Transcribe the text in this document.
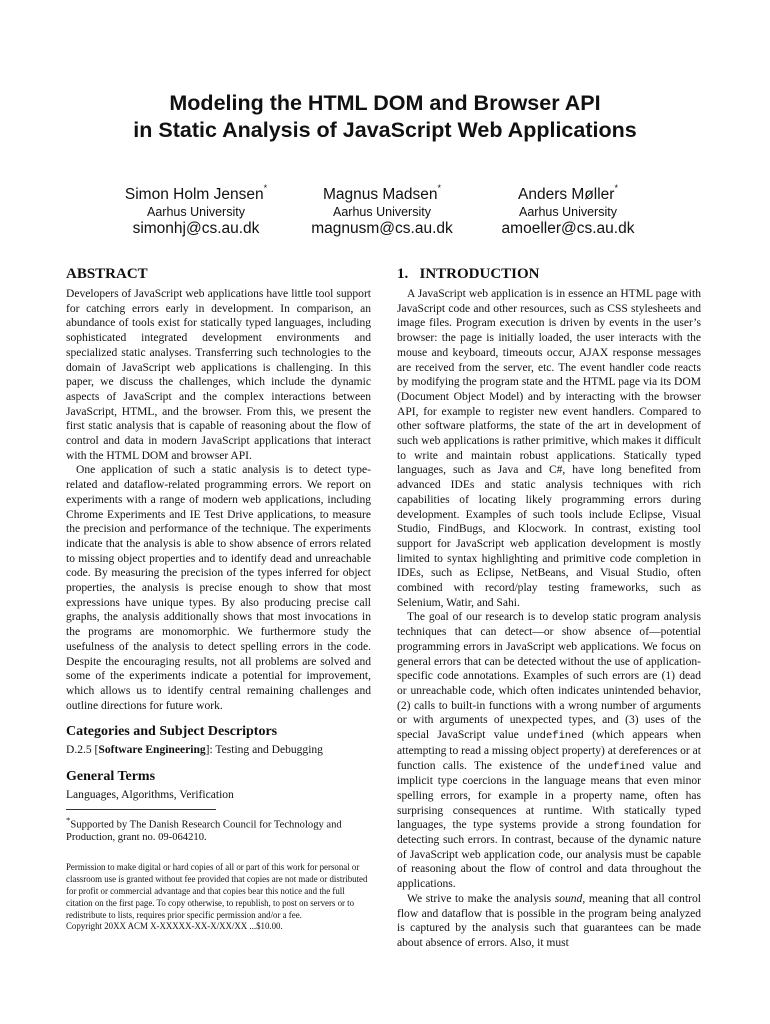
Modeling the HTML DOM and Browser API
in Static Analysis of JavaScript Web Applications
Simon Holm Jensen*
Aarhus University
simonhj@cs.au.dk
Magnus Madsen*
Aarhus University
magnusm@cs.au.dk
Anders Møller*
Aarhus University
amoeller@cs.au.dk
ABSTRACT

Developers of JavaScript web applications have little tool support for catching errors early in development. In comparison, an abundance of tools exist for statically typed languages, including sophisticated integrated development environments and specialized static analyses. Transferring such technologies to the domain of JavaScript web applications is challenging. In this paper, we discuss the challenges, which include the dynamic aspects of JavaScript and the complex interactions between JavaScript, HTML, and the browser. From this, we present the first static analysis that is capable of reasoning about the flow of control and data in modern JavaScript applications that interact with the HTML DOM and browser API.

One application of such a static analysis is to detect type-related and dataflow-related programming errors. We report on experiments with a range of modern web applications, including Chrome Experiments and IE Test Drive applications, to measure the precision and performance of the technique. The experiments indicate that the analysis is able to show absence of errors related to missing object properties and to identify dead and unreachable code. By measuring the precision of the types inferred for object properties, the analysis is precise enough to show that most expressions have unique types. By also producing precise call graphs, the analysis additionally shows that most invocations in the programs are monomorphic. We furthermore study the usefulness of the analysis to detect spelling errors in the code. Despite the encouraging results, not all problems are solved and some of the experiments indicate a potential for improvement, which allows us to identify central remaining challenges and outline directions for future work.

Categories and Subject Descriptors

D.2.5 [Software Engineering]: Testing and Debugging

General Terms

Languages, Algorithms, Verification

*Supported by The Danish Research Council for Technology and Production, grant no. 09-064210.

Permission to make digital or hard copies of all or part of this work for personal or classroom use is granted without fee provided that copies are not made or distributed for profit or commercial advantage and that copies bear this notice and the full citation on the first page. To copy otherwise, to republish, to post on servers or to redistribute to lists, requires prior specific permission and/or a fee.

Copyright 20XX ACM X-XXXXX-XX-X/XX/XX ...$10.00.

1.   INTRODUCTION

A JavaScript web application is in essence an HTML page with JavaScript code and other resources, such as CSS stylesheets and image files. Program execution is driven by events in the user’s browser: the page is initially loaded, the user interacts with the mouse and keyboard, timeouts occur, AJAX response messages are received from the server, etc. The event handler code reacts by modifying the program state and the HTML page via its DOM (Document Object Model) and by interacting with the browser API, for example to register new event handlers. Compared to other software platforms, the state of the art in development of such web applications is rather primitive, which makes it difficult to write and maintain robust applications. Statically typed languages, such as Java and C#, have long benefited from advanced IDEs and static analysis techniques with rich capabilities of locating likely programming errors during development. Examples of such tools include Eclipse, Visual Studio, FindBugs, and Klocwork. In contrast, existing tool support for JavaScript web application development is mostly limited to syntax highlighting and primitive code completion in IDEs, such as Eclipse, NetBeans, and Visual Studio, often combined with record/play testing frameworks, such as Selenium, Watir, and Sahi.

The goal of our research is to develop static program analysis techniques that can detect—or show absence of—potential programming errors in JavaScript web applications. We focus on general errors that can be detected without the use of application-specific code annotations. Examples of such errors are (1) dead or unreachable code, which often indicates unintended behavior, (2) calls to built-in functions with a wrong number of arguments or with arguments of unexpected types, and (3) uses of the special JavaScript value undefined (which appears when attempting to read a missing object property) at dereferences or at function calls. The existence of the undefined value and implicit type coercions in the language means that even minor spelling errors, for example in a property name, often has surprising consequences at runtime. With statically typed languages, the type systems provide a strong foundation for detecting such errors. In contrast, because of the dynamic nature of JavaScript web application code, our analysis must be capable of reasoning about the flow of control and data throughout the applications.

We strive to make the analysis sound, meaning that all control flow and dataflow that is possible in the program being analyzed is captured by the analysis such that guarantees can be made about absence of errors. Also, it must
